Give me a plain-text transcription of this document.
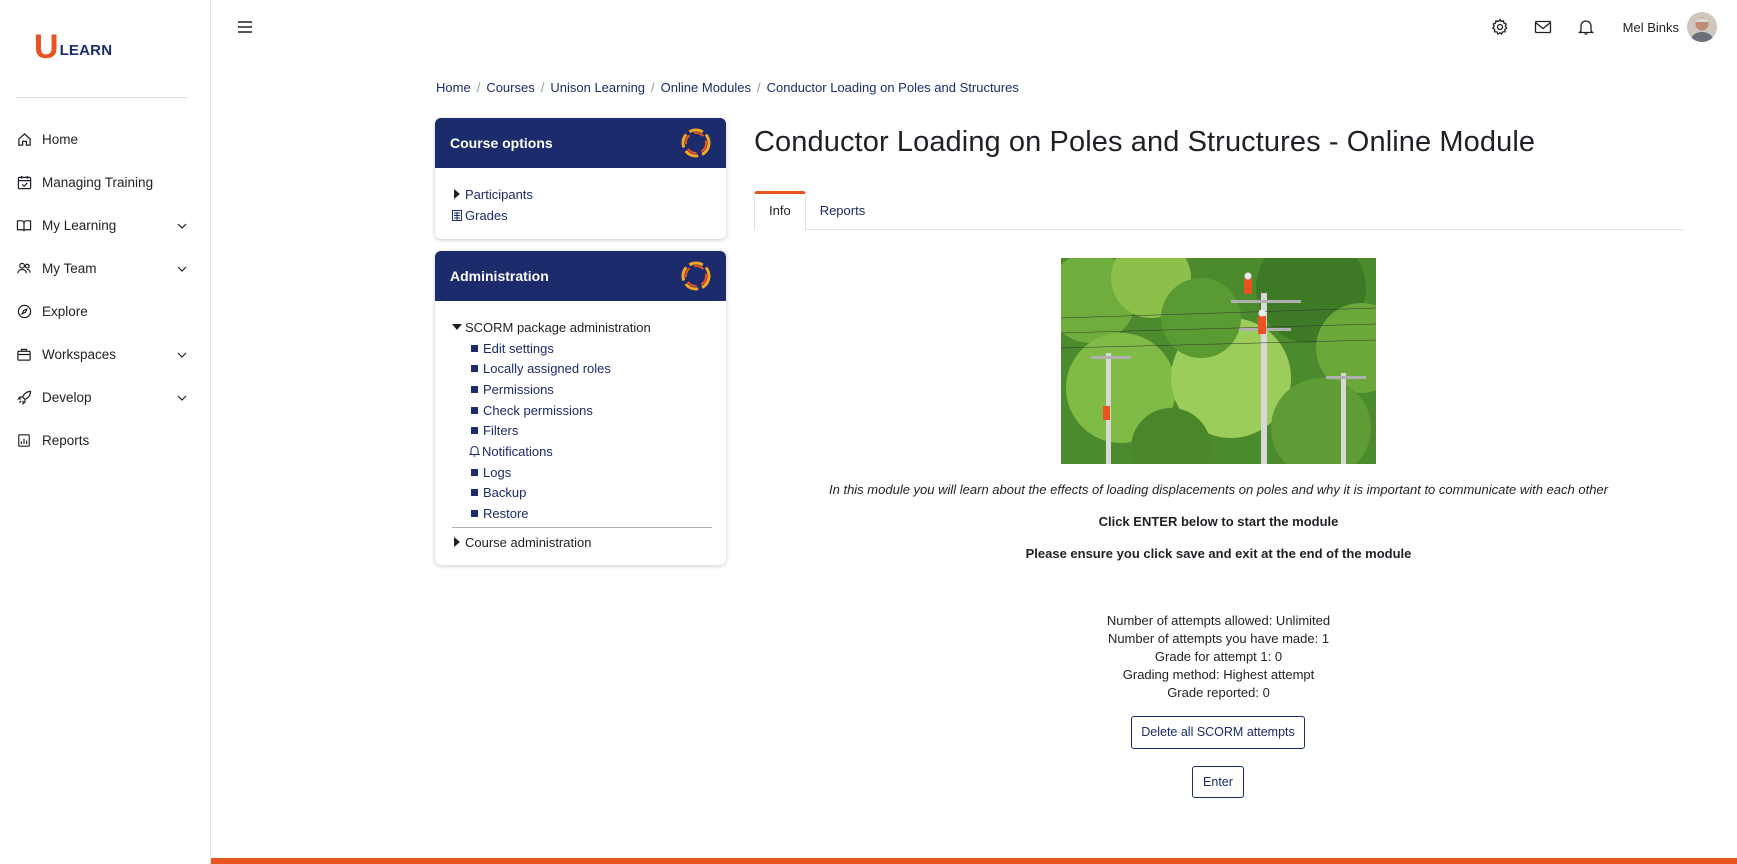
U LEARN
Home
Managing Training
My Learning
My Team
Explore
Workspaces
Develop
Reports
Mel Binks
Home / Courses / Unison Learning / Online Modules / Conductor Loading on Poles and Structures
Course options
Participants
Grades
Administration
SCORM package administration
Edit settings
Locally assigned roles
Permissions
Check permissions
Filters
Notifications
Logs
Backup
Restore
Course administration
Conductor Loading on Poles and Structures - Online Module
Info	Reports

In this module you will learn about the effects of loading displacements on poles and why it is important to communicate with each other

Click ENTER below to start the module

Please ensure you click save and exit at the end of the module

Number of attempts allowed: Unlimited
Number of attempts you have made: 1
Grade for attempt 1: 0
Grading method: Highest attempt
Grade reported: 0
Delete all SCORM attempts
Enter
